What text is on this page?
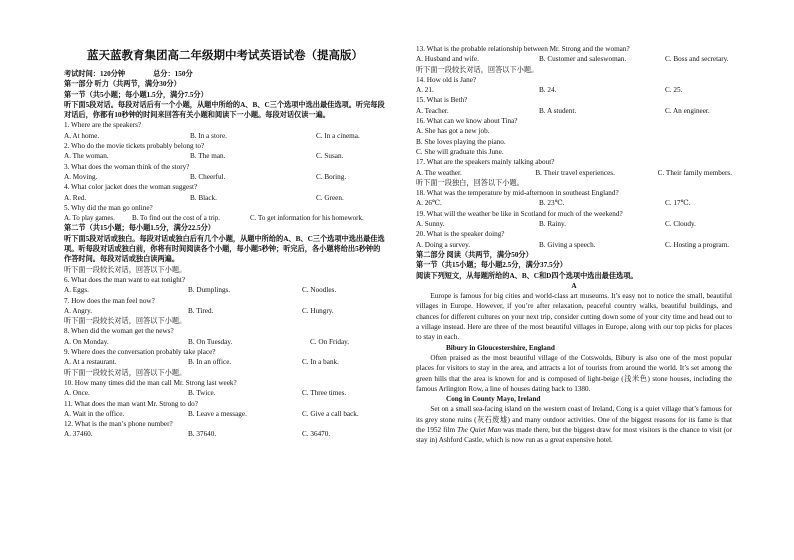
蓝天蓝教育集团高二年级期中考试英语试卷（提高版）
考试时间：120分钟	总分：150分
第一部分 听力（共两节，满分30分）
第一节（共5小题；每小题1.5分，满分7.5分）
听下面5段对话。每段对话后有一个小题，从题中所给的A、B、C三个选项中选出最佳选项。听完每段对话后，你都有10秒钟的时间来回答有关小题和阅读下一小题。每段对话仅读一遍。
1. Where are the speakers?
A. At home.	B. In a store.	C. In a cinema.
2. Who do the movie tickets probably belong to?
A. The woman.	B. The man.	C. Susan.
3. What does the woman think of the story?
A. Moving.	B. Cheerful.	C. Boring.
4. What color jacket does the woman suggest?
A. Red.	B. Black.	C. Green.
5. Why did the man go online?
A. To play games.	B. To find out the cost of a trip.	C. To get information for his homework.
第二节（共15小题；每小题1.5分，满分22.5分）
听下面5段对话或独白。每段对话或独白后有几个小题，从题中所给的A、B、C三个选项中选出最佳选项。听每段对话或独白前，你将有时间阅读各个小题，每小题5秒钟；听完后，各小题将给出5秒钟的作答时间。每段对话或独白读两遍。
听下面一段较长对话，回答以下小题。
6. What does the man want to eat tonight?
A. Eggs.	B. Dumplings.	C. Noodles.
7. How does the man feel now?
A. Angry.	B. Tired.	C. Hungry.
听下面一段较长对话，回答以下小题。
8. When did the woman get the news?
A. On Monday.	B. On Tuesday.	C. On Friday.
9. Where does the conversation probably take place?
A. At a restaurant.	B. In an office.	C. In a bank.
听下面一段较长对话，回答以下小题。
10. How many times did the man call Mr. Strong last week?
A. Once.	B. Twice.	C. Three times.
11. What does the man want Mr. Strong to do?
A. Wait in the office.	B. Leave a message.	C. Give a call back.
12. What is the man’s phone number?
A. 37460.	B. 37640.	C. 36470.
13. What is the probable relationship between Mr. Strong and the woman?
A. Husband and wife.	B. Customer and saleswoman.	C. Boss and secretary.
听下面一段较长对话，回答以下小题。
14. How old is Jane?
A. 21.	B. 24.	C. 25.
15. What is Beth?
A. Teacher.	B. A student.	C. An engineer.
16. What can we know about Tina?
A. She has got a new job.
B. She loves playing the piano.
C. She will graduate this June.
17. What are the speakers mainly talking about?
A. The weather.	B. Their travel experiences.	C. Their family members.
听下面一段独白，回答以下小题。
18. What was the temperature by mid-afternoon in southeast England?
A. 26℃.	B. 23℃.	C. 17℃.
19. What will the weather be like in Scotland for much of the weekend?
A. Sunny.	B. Rainy.	C. Cloudy.
20. What is the speaker doing?
A. Doing a survey.	B. Giving a speech.	C. Hosting a program.
第二部分 阅读（共两节，满分50分）
第一节（共15小题；每小题2.5分，满分37.5分）
阅读下列短文，从每题所给的A、B、C和D四个选项中选出最佳选项。
A
Europe is famous for big cities and world-class art museums. It’s easy not to notice the small, beautiful villages in Europe. However, if you’re after relaxation, peaceful country walks, beautiful buildings, and chances for different cultures on your next trip, consider cutting down some of your city time and head out to a village instead. Here are three of the most beautiful villages in Europe, along with our top picks for places to stay in each.
Bibury in Gloucestershire, England
Often praised as the most beautiful village of the Cotswolds, Bibury is also one of the most popular places for visitors to stay in the area, and attracts a lot of tourists from around the world. It’s set among the green hills that the area is known for and is composed of light-beige (浅米色) stone houses, including the famous Arlington Row, a line of houses dating back to 1380.
Cong in County Mayo, Ireland
Set on a small sea-facing island on the western coast of Ireland, Cong is a quiet village that’s famous for its grey stone ruins (灰石废墟) and many outdoor activities. One of the biggest reasons for its fame is that the 1952 film The Quiet Man was made there, but the biggest draw for most visitors is the chance to visit (or stay in) Ashford Castle, which is now run as a great expensive hotel.
